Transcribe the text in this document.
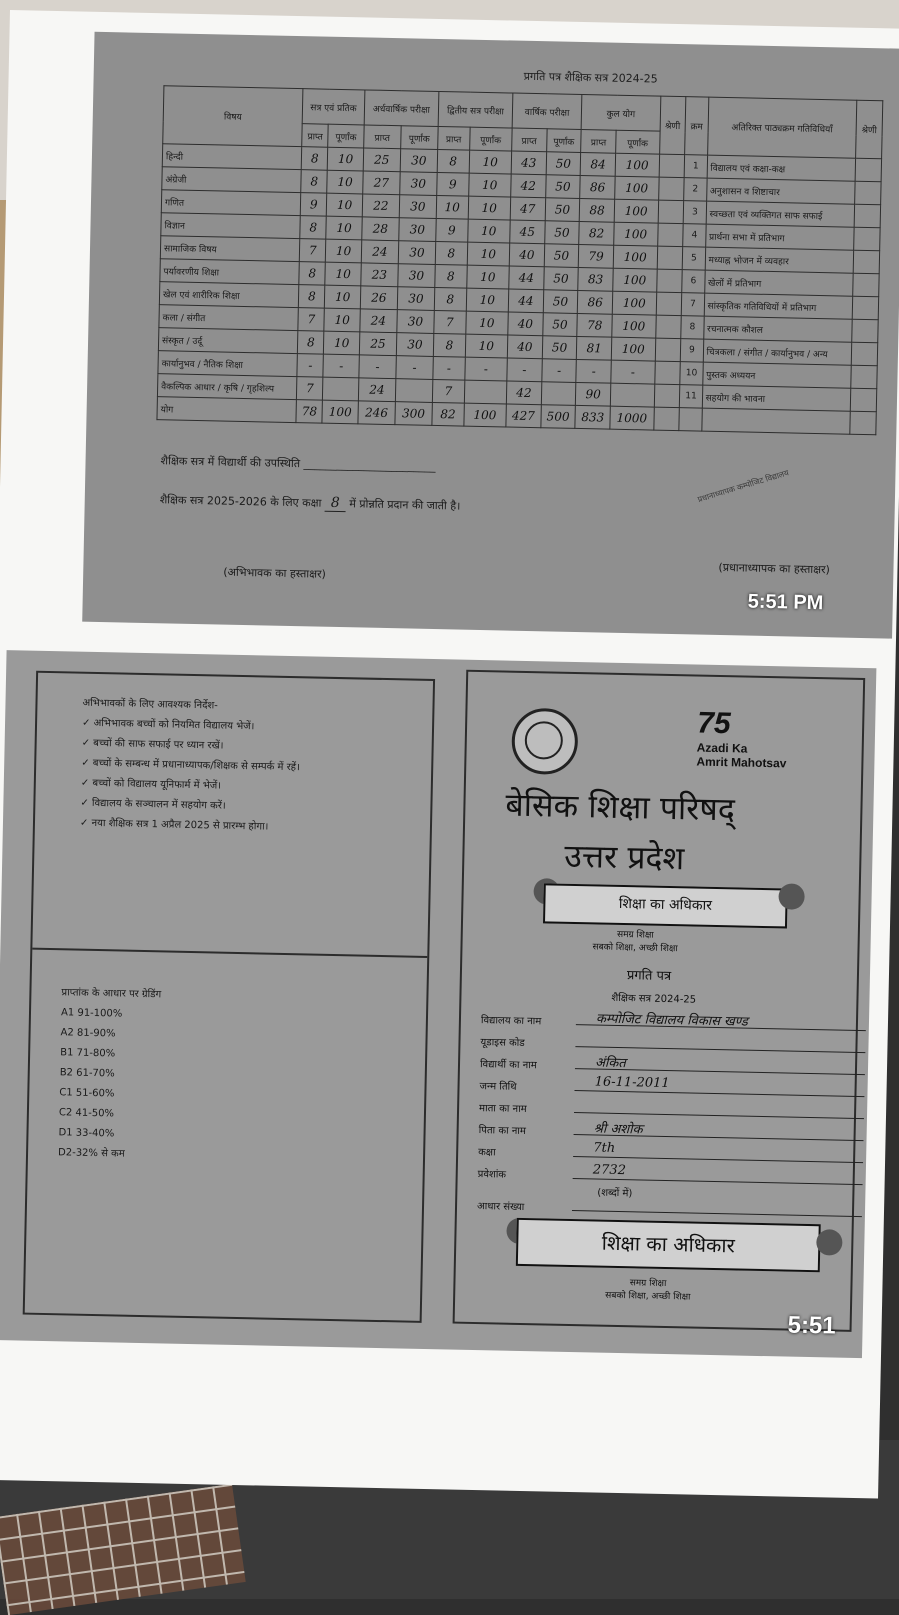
प्रगति पत्र शैक्षिक सत्र 2024-25
विषय	सत्र एवं प्रतिक		अर्धवार्षिक परीक्षा		द्वितीय सत्र परीक्षा		वार्षिक परीक्षा		कुल योग		श्रेणी	क्रम	अतिरिक्त पाठ्यक्रम गतिविधियाँ	श्रेणी
	प्राप्त	पूर्णांक	प्राप्त	पूर्णांक	प्राप्त	पूर्णांक	प्राप्त	पूर्णांक	प्राप्त	पूर्णांक				
हिन्दी	8	10	25	30	8	10	43	50	84	100		1	विद्यालय एवं कक्षा-कक्ष	
अंग्रेजी	8	10	27	30	9	10	42	50	86	100		2	अनुशासन व शिष्टाचार	
गणित	9	10	22	30	10	10	47	50	88	100		3	स्वच्छता एवं व्यक्तिगत साफ सफाई	
विज्ञान	8	10	28	30	9	10	45	50	82	100		4	प्रार्थना सभा में प्रतिभाग	
सामाजिक विषय	7	10	24	30	8	10	40	50	79	100		5	मध्याह्न भोजन में व्यवहार	
पर्यावरणीय शिक्षा	8	10	23	30	8	10	44	50	83	100		6	खेलों में प्रतिभाग	
खेल एवं शारीरिक शिक्षा	8	10	26	30	8	10	44	50	86	100		7	सांस्कृतिक गतिविधियों में प्रतिभाग	
कला / संगीत	7	10	24	30	7	10	40	50	78	100		8	रचनात्मक कौशल	
संस्कृत / उर्दू	8	10	25	30	8	10	40	50	81	100		9	चित्रकला / संगीत / कार्यानुभव / अन्य	
कार्यानुभव / नैतिक शिक्षा	-	-	-	-	-	-	-	-	-	-		10	पुस्तक अध्ययन	
वैकल्पिक आधार / कृषि / गृहशिल्प	7		24		7		42		90			11	सहयोग की भावना	
योग	78	100	246	300	82	100	427	500	833	1000				
शैक्षिक सत्र में विद्यार्थी की उपस्थिति ________________________
शैक्षिक सत्र 2025-2026 के लिए कक्षा 8 में प्रोन्नति प्रदान की जाती है।
प्रधानाध्यापक कम्पोजिट विद्यालय
(अभिभावक का हस्ताक्षर)	(प्रधानाध्यापक का हस्ताक्षर)
5:51 PM
अभिभावकों के लिए आवश्यक निर्देश-
✓ अभिभावक बच्चों को नियमित विद्यालय भेजें।
✓ बच्चों की साफ सफाई पर ध्यान रखें।
✓ बच्चों के सम्बन्ध में प्रधानाध्यापक/शिक्षक से सम्पर्क में रहें।
✓ बच्चों को विद्यालय यूनिफार्म में भेजें।
✓ विद्यालय के सञ्चालन में सहयोग करें।
✓ नया शैक्षिक सत्र 1 अप्रैल 2025 से प्रारम्भ होगा।
प्राप्तांक के आधार पर ग्रेडिंग
A1 91-100%
A2 81-90%
B1 71-80%
B2 61-70%
C1 51-60%
C2 41-50%
D1 33-40%
D2-32% से कम
75
Azadi Ka
Amrit Mahotsav
बेसिक शिक्षा परिषद्
उत्तर प्रदेश
शिक्षा का अधिकार
समग्र शिक्षा
सबको शिक्षा, अच्छी शिक्षा
प्रगति पत्र
शैक्षिक सत्र 2024-25
विद्यालय का नाम	कम्पोजिट विद्यालय विकास खण्ड
यूडाइस कोड
विद्यार्थी का नाम	अंकित
जन्म तिथि	16-11-2011
माता का नाम
पिता का नाम	श्री अशोक
कक्षा	7th
प्रवेशांक	2732
(शब्दों में)
आधार संख्या
शिक्षा का अधिकार
समग्र शिक्षा
सबको शिक्षा, अच्छी शिक्षा
5:51
